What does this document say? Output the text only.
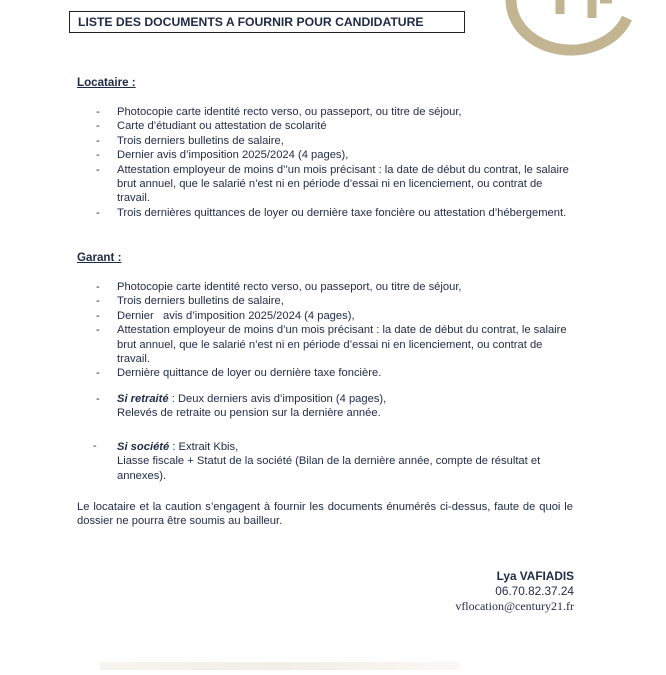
LISTE DES DOCUMENTS A FOURNIR POUR CANDIDATURE
Locataire :
- Photocopie carte identité recto verso, ou passeport, ou titre de séjour,
- Carte d’étudiant ou attestation de scolarité
- Trois derniers bulletins de salaire,
- Dernier avis d’imposition 2025/2024 (4 pages),
- Attestation employeur de moins d’’un mois précisant : la date de début du contrat, le salaire brut annuel, que le salarié n’est ni en période d’essai ni en licenciement, ou contrat de travail.
- Trois dernières quittances de loyer ou dernière taxe foncière ou attestation d’hébergement.
Garant :
- Photocopie carte identité recto verso, ou passeport, ou titre de séjour,
- Trois derniers bulletins de salaire,
- Dernier   avis d’imposition 2025/2024 (4 pages),
- Attestation employeur de moins d’un mois précisant : la date de début du contrat, le salaire brut annuel, que le salarié n’est ni en période d’essai ni en licenciement, ou contrat de travail.
- Dernière quittance de loyer ou dernière taxe foncière.
- Si retraité : Deux derniers avis d’imposition (4 pages),
Relevés de retraite ou pension sur la dernière année.
-	Si société : Extrait Kbis,
Liasse fiscale + Statut de la société (Bilan de la dernière année, compte de résultat et annexes).
Le locataire et la caution s’engagent à fournir les documents énumérés ci-dessus, faute de quoi le dossier ne pourra être soumis au bailleur.
Lya VAFIADIS
06.70.82.37.24
vflocation@century21.fr
